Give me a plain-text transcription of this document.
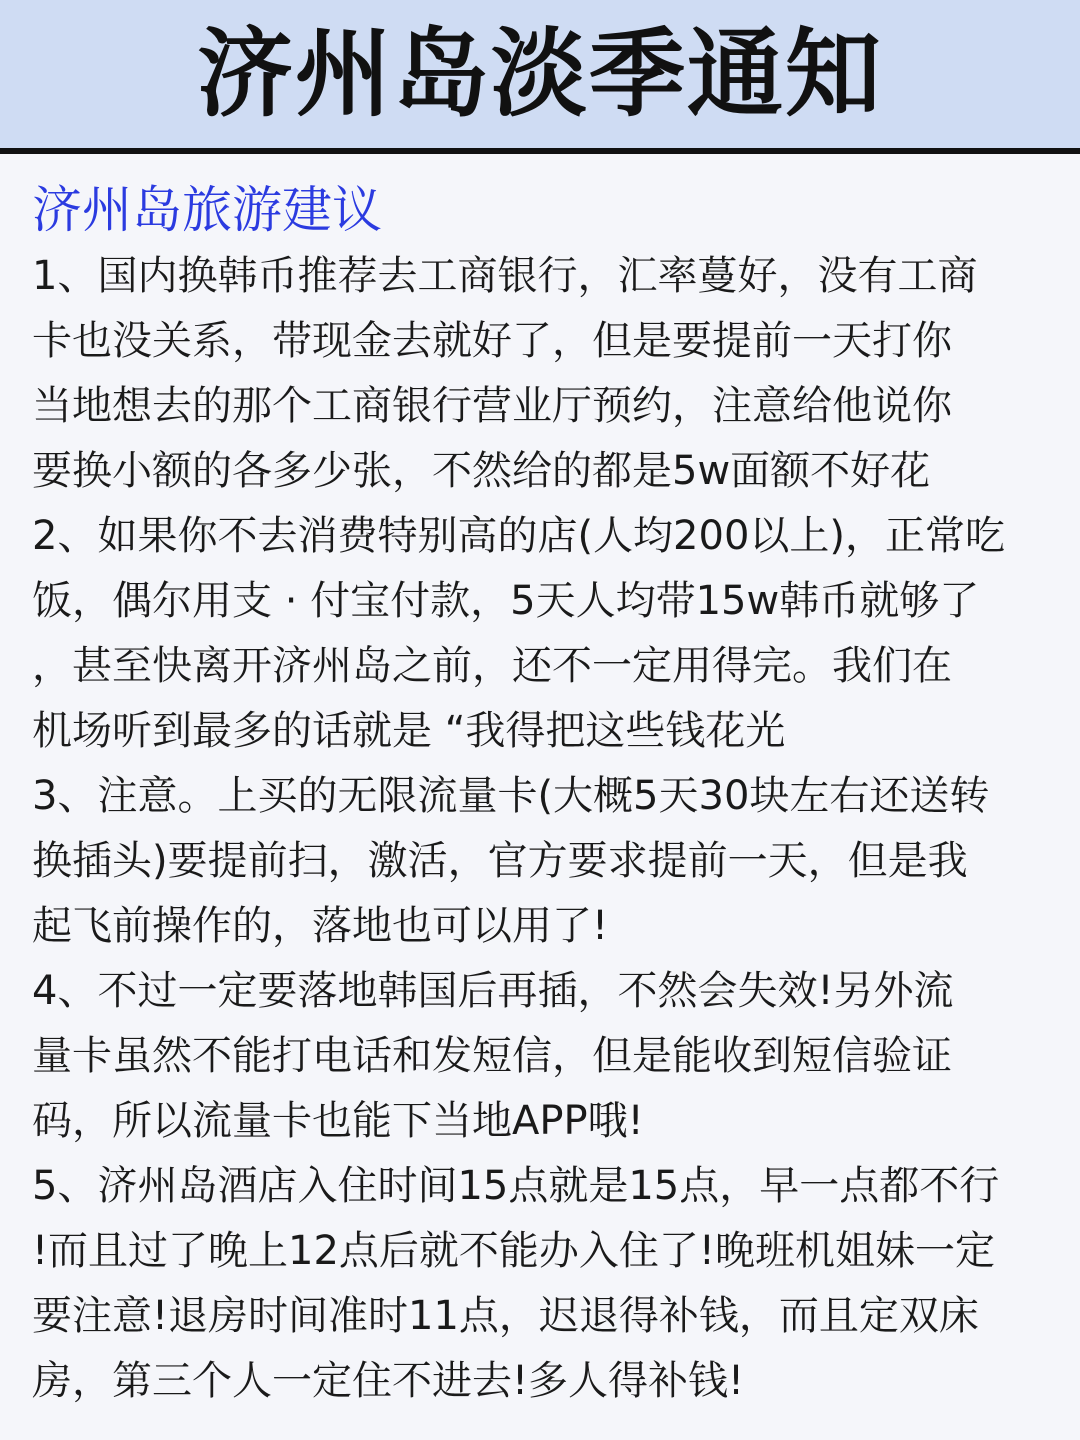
济州岛淡季通知
济州岛旅游建议
1、国内换韩币推荐去工商银行，汇率蔓好，没有工商
卡也没关系，带现金去就好了，但是要提前一天打你
当地想去的那个工商银行营业厅预约，注意给他说你
要换小额的各多少张，不然给的都是5w面额不好花
2、如果你不去消费特别高的店(人均200以上)，正常吃
饭，偶尔用支 · 付宝付款，5天人均带15w韩币就够了
，甚至快离开济州岛之前，还不一定用得完。我们在
机场听到最多的话就是 “我得把这些钱花光
3、注意。上买的无限流量卡(大概5天30块左右还送转
换插头)要提前扫，激活，官方要求提前一天，但是我
起飞前操作的，落地也可以用了!
4、不过一定要落地韩国后再插，不然会失效!另外流
量卡虽然不能打电话和发短信，但是能收到短信验证
码，所以流量卡也能下当地APP哦!
5、济州岛酒店入住时间15点就是15点，早一点都不行
!而且过了晚上12点后就不能办入住了!晚班机姐妹一定
要注意!退房时间准时11点，迟退得补钱，而且定双床
房，第三个人一定住不进去!多人得补钱!
